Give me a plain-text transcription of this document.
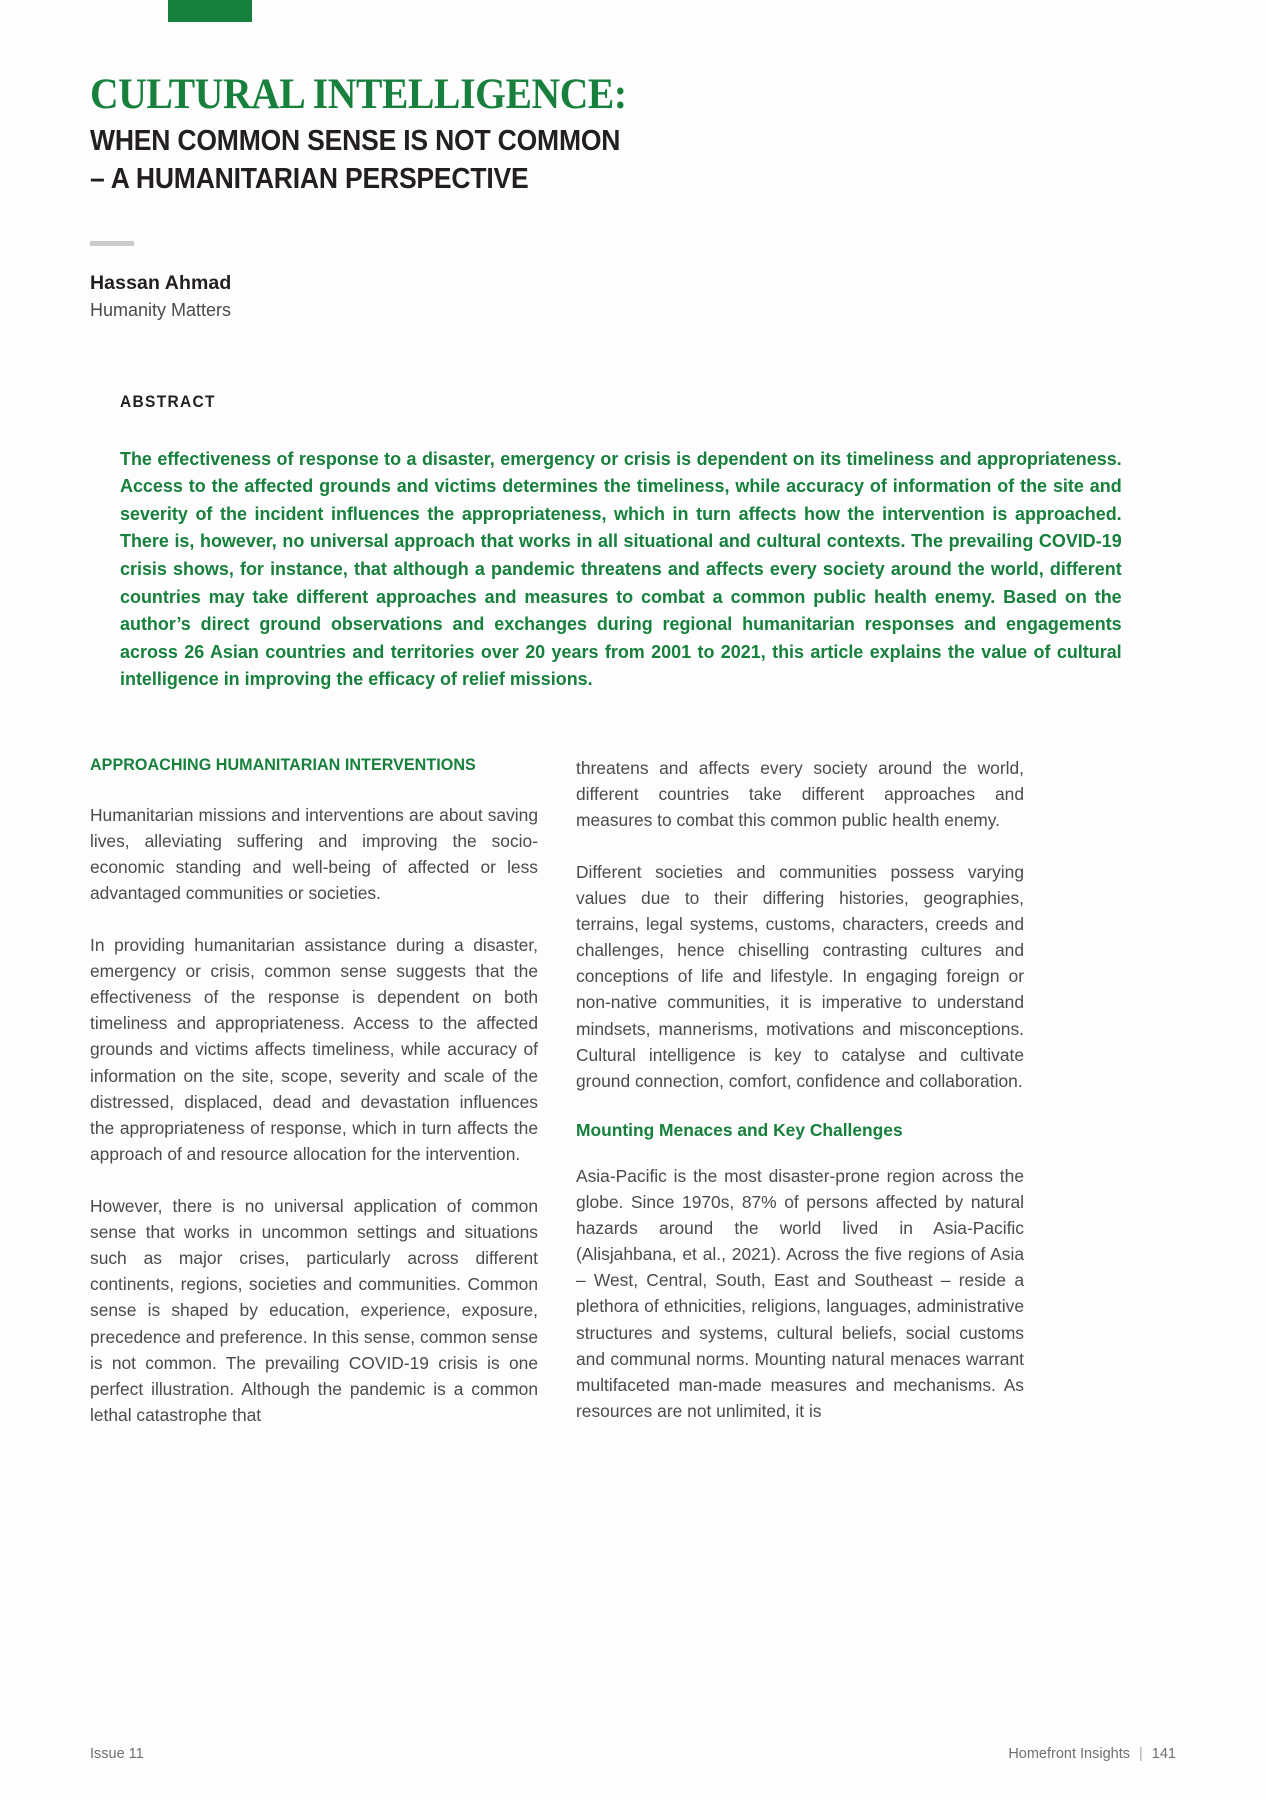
CULTURAL INTELLIGENCE:
WHEN COMMON SENSE IS NOT COMMON
– A HUMANITARIAN PERSPECTIVE

Hassan Ahmad

Humanity Matters

ABSTRACT

The effectiveness of response to a disaster, emergency or crisis is dependent on its timeliness and appropriateness. Access to the affected grounds and victims determines the timeliness, while accuracy of information of the site and severity of the incident influences the appropriateness, which in turn affects how the intervention is approached. There is, however, no universal approach that works in all situational and cultural contexts. The prevailing COVID-19 crisis shows, for instance, that although a pandemic threatens and affects every society around the world, different countries may take different approaches and measures to combat a common public health enemy. Based on the author’s direct ground observations and exchanges during regional humanitarian responses and engagements across 26 Asian countries and territories over 20 years from 2001 to 2021, this article explains the value of cultural intelligence in improving the efficacy of relief missions.

APPROACHING HUMANITARIAN INTERVENTIONS

Humanitarian missions and interventions are about saving lives, alleviating suffering and improving the socio-economic standing and well-being of affected or less advantaged communities or societies.

In providing humanitarian assistance during a disaster, emergency or crisis, common sense suggests that the effectiveness of the response is dependent on both timeliness and appropriateness. Access to the affected grounds and victims affects timeliness, while accuracy of information on the site, scope, severity and scale of the distressed, displaced, dead and devastation influences the appropriateness of response, which in turn affects the approach of and resource allocation for the intervention.

However, there is no universal application of common sense that works in uncommon settings and situations such as major crises, particularly across different continents, regions, societies and communities. Common sense is shaped by education, experience, exposure, precedence and preference. In this sense, common sense is not common. The prevailing COVID-19 crisis is one perfect illustration. Although the pandemic is a common lethal catastrophe that

threatens and affects every society around the world, different countries take different approaches and measures to combat this common public health enemy.

Different societies and communities possess varying values due to their differing histories, geographies, terrains, legal systems, customs, characters, creeds and challenges, hence chiselling contrasting cultures and conceptions of life and lifestyle. In engaging foreign or non-native communities, it is imperative to understand mindsets, mannerisms, motivations and misconceptions. Cultural intelligence is key to catalyse and cultivate ground connection, comfort, confidence and collaboration.

Mounting Menaces and Key Challenges

Asia-Pacific is the most disaster-prone region across the globe. Since 1970s, 87% of persons affected by natural hazards around the world lived in Asia-Pacific (Alisjahbana, et al., 2021). Across the five regions of Asia – West, Central, South, East and Southeast – reside a plethora of ethnicities, religions, languages, administrative structures and systems, cultural beliefs, social customs and communal norms. Mounting natural menaces warrant multifaceted man-made measures and mechanisms. As resources are not unlimited, it is

Issue 11	Homefront Insights | 141
